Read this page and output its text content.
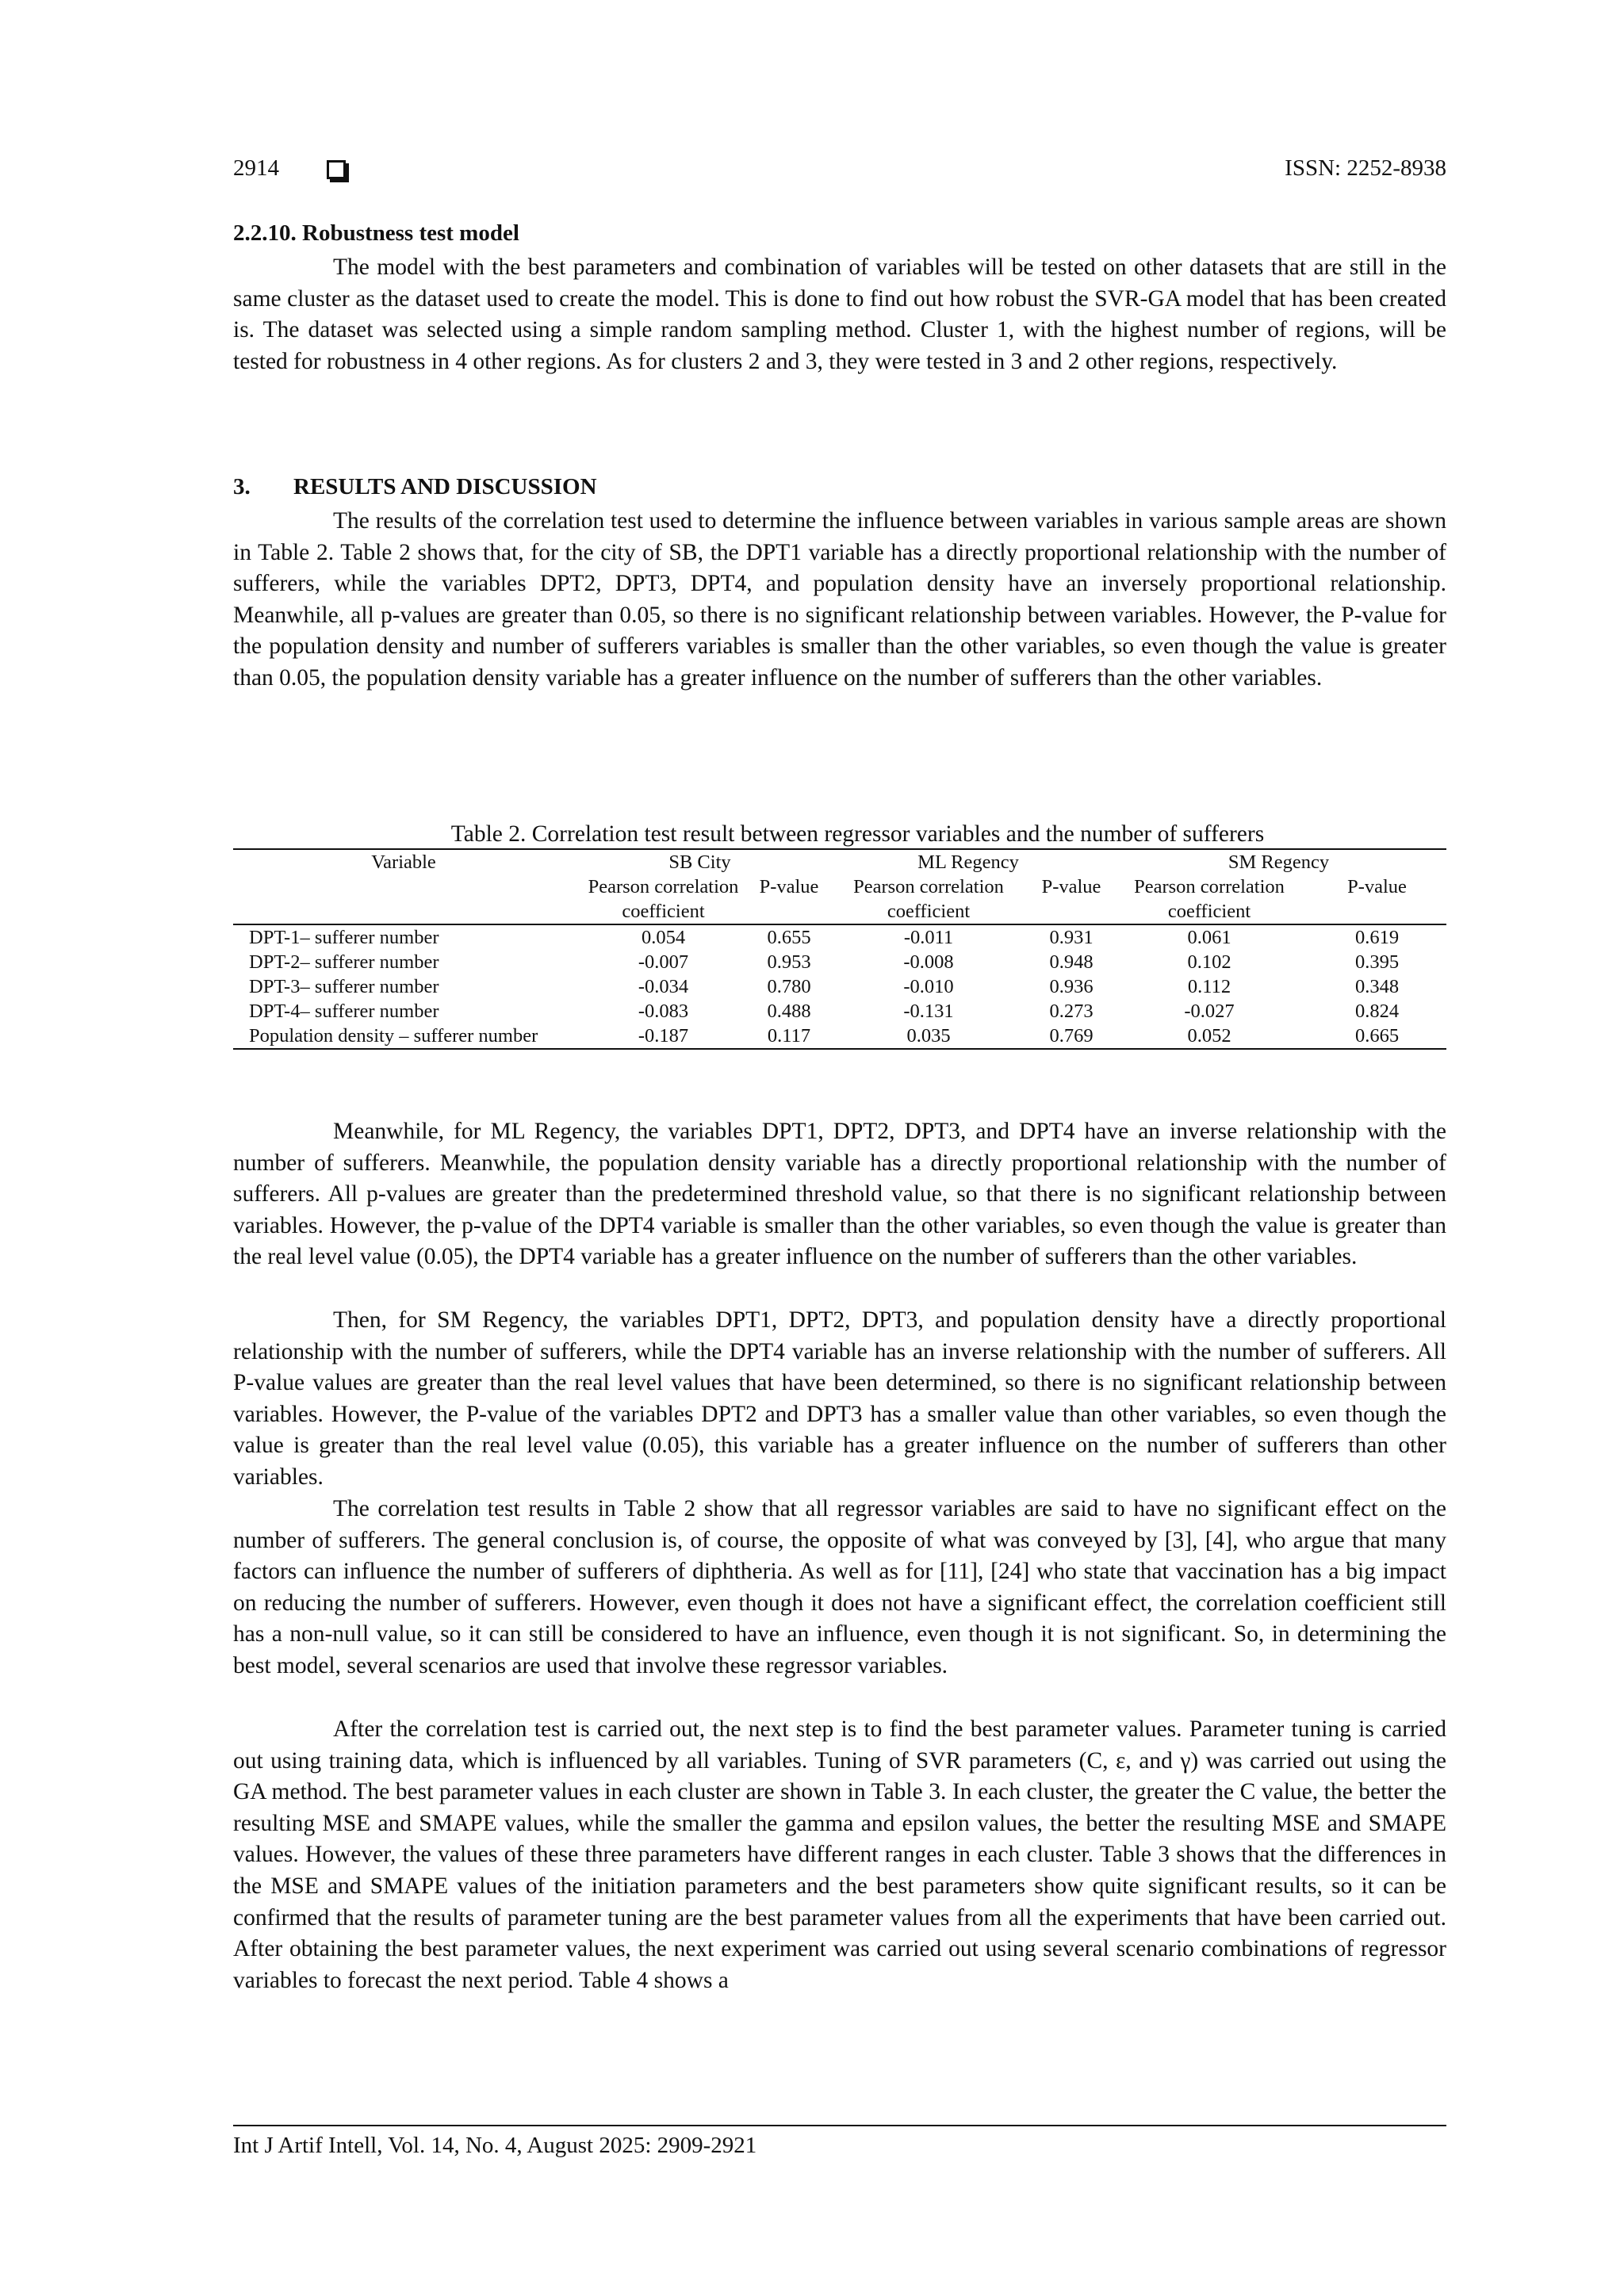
2914	ISSN: 2252-8938
2.2.10. Robustness test model

The model with the best parameters and combination of variables will be tested on other datasets that are still in the same cluster as the dataset used to create the model. This is done to find out how robust the SVR-GA model that has been created is. The dataset was selected using a simple random sampling method. Cluster 1, with the highest number of regions, will be tested for robustness in 4 other regions. As for clusters 2 and 3, they were tested in 3 and 2 other regions, respectively.

3. RESULTS AND DISCUSSION

The results of the correlation test used to determine the influence between variables in various sample areas are shown in Table 2. Table 2 shows that, for the city of SB, the DPT1 variable has a directly proportional relationship with the number of sufferers, while the variables DPT2, DPT3, DPT4, and population density have an inversely proportional relationship. Meanwhile, all p-values are greater than 0.05, so there is no significant relationship between variables. However, the P-value for the population density and number of sufferers variables is smaller than the other variables, so even though the value is greater than 0.05, the population density variable has a greater influence on the number of sufferers than the other variables.

Table 2. Correlation test result between regressor variables and the number of sufferers
Variable	SB City		ML Regency		SM Regency	
	Pearson correlation	P-value	Pearson correlation	P-value	Pearson correlation	P-value
	coefficient		coefficient		coefficient	
DPT-1– sufferer number	0.054	0.655	-0.011	0.931	0.061	0.619
DPT-2– sufferer number	-0.007	0.953	-0.008	0.948	0.102	0.395
DPT-3– sufferer number	-0.034	0.780	-0.010	0.936	0.112	0.348
DPT-4– sufferer number	-0.083	0.488	-0.131	0.273	-0.027	0.824
Population density – sufferer number	-0.187	0.117	0.035	0.769	0.052	0.665

Meanwhile, for ML Regency, the variables DPT1, DPT2, DPT3, and DPT4 have an inverse relationship with the number of sufferers. Meanwhile, the population density variable has a directly proportional relationship with the number of sufferers. All p-values are greater than the predetermined threshold value, so that there is no significant relationship between variables. However, the p-value of the DPT4 variable is smaller than the other variables, so even though the value is greater than the real level value (0.05), the DPT4 variable has a greater influence on the number of sufferers than the other variables.

Then, for SM Regency, the variables DPT1, DPT2, DPT3, and population density have a directly proportional relationship with the number of sufferers, while the DPT4 variable has an inverse relationship with the number of sufferers. All P-value values are greater than the real level values that have been determined, so there is no significant relationship between variables. However, the P-value of the variables DPT2 and DPT3 has a smaller value than other variables, so even though the value is greater than the real level value (0.05), this variable has a greater influence on the number of sufferers than other variables.

The correlation test results in Table 2 show that all regressor variables are said to have no significant effect on the number of sufferers. The general conclusion is, of course, the opposite of what was conveyed by [3], [4], who argue that many factors can influence the number of sufferers of diphtheria. As well as for [11], [24] who state that vaccination has a big impact on reducing the number of sufferers. However, even though it does not have a significant effect, the correlation coefficient still has a non-null value, so it can still be considered to have an influence, even though it is not significant. So, in determining the best model, several scenarios are used that involve these regressor variables.

After the correlation test is carried out, the next step is to find the best parameter values. Parameter tuning is carried out using training data, which is influenced by all variables. Tuning of SVR parameters (C, ε, and γ) was carried out using the GA method. The best parameter values in each cluster are shown in Table 3. In each cluster, the greater the C value, the better the resulting MSE and SMAPE values, while the smaller the gamma and epsilon values, the better the resulting MSE and SMAPE values. However, the values of these three parameters have different ranges in each cluster. Table 3 shows that the differences in the MSE and SMAPE values of the initiation parameters and the best parameters show quite significant results, so it can be confirmed that the results of parameter tuning are the best parameter values from all the experiments that have been carried out. After obtaining the best parameter values, the next experiment was carried out using several scenario combinations of regressor variables to forecast the next period. Table 4 shows a

Int J Artif Intell, Vol. 14, No. 4, August 2025: 2909-2921
